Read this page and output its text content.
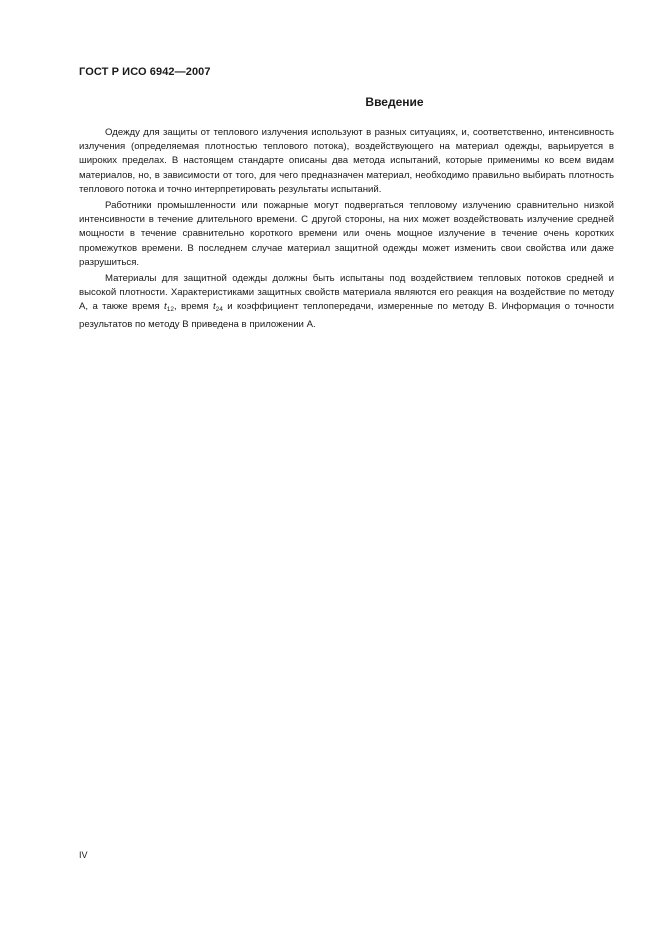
ГОСТ Р ИСО 6942—2007
Введение

Одежду для защиты от теплового излучения используют в разных ситуациях, и, соответственно, интенсивность излучения (определяемая плотностью теплового потока), воздействующего на материал одежды, варьируется в широких пределах. В настоящем стандарте описаны два метода испытаний, которые применимы ко всем видам материалов, но, в зависимости от того, для чего предназначен материал, необходимо правильно выбирать плотность теплового потока и точно интерпретировать результаты испытаний.

Работники промышленности или пожарные могут подвергаться тепловому излучению сравнительно низкой интенсивности в течение длительного времени. С другой стороны, на них может воздействовать излучение средней мощности в течение сравнительно короткого времени или очень мощное излучение в течение очень коротких промежутков времени. В последнем случае материал защитной одежды может изменить свои свойства или даже разрушиться.

Материалы для защитной одежды должны быть испытаны под воздействием тепловых потоков средней и высокой плотности. Характеристиками защитных свойств материала являются его реакция на воздействие по методу А, а также время $t_{12}$, время $t_{24}$ и коэффициент теплопередачи, измеренные по методу В. Информация о точности результатов по методу В приведена в приложении А.

IV
